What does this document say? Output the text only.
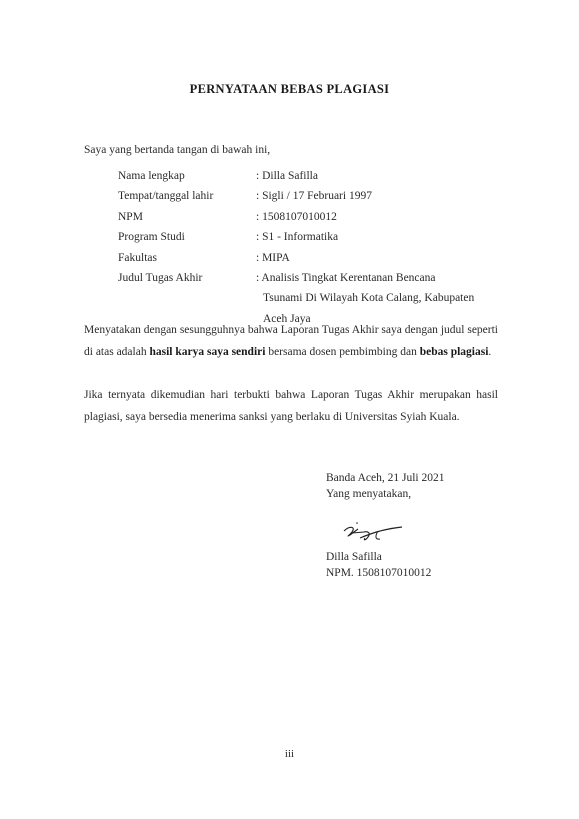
PERNYATAAN BEBAS PLAGIASI
Saya yang bertanda tangan di bawah ini,
Nama lengkap	: Dilla Safilla
Tempat/tanggal lahir	: Sigli / 17 Februari 1997
NPM	: 1508107010012
Program Studi	: S1 - Informatika
Fakultas	: MIPA
Judul Tugas Akhir	: Analisis Tingkat Kerentanan Bencana
Tsunami Di Wilayah Kota Calang, Kabupaten
Aceh Jaya
Menyatakan dengan sesungguhnya bahwa Laporan Tugas Akhir saya dengan judul seperti di atas adalah hasil karya saya sendiri bersama dosen pembimbing dan bebas plagiasi.
Jika ternyata dikemudian hari terbukti bahwa Laporan Tugas Akhir merupakan hasil plagiasi, saya bersedia menerima sanksi yang berlaku di Universitas Syiah Kuala.
Banda Aceh, 21 Juli 2021
Yang menyatakan,
Dilla Safilla
NPM. 1508107010012
iii
